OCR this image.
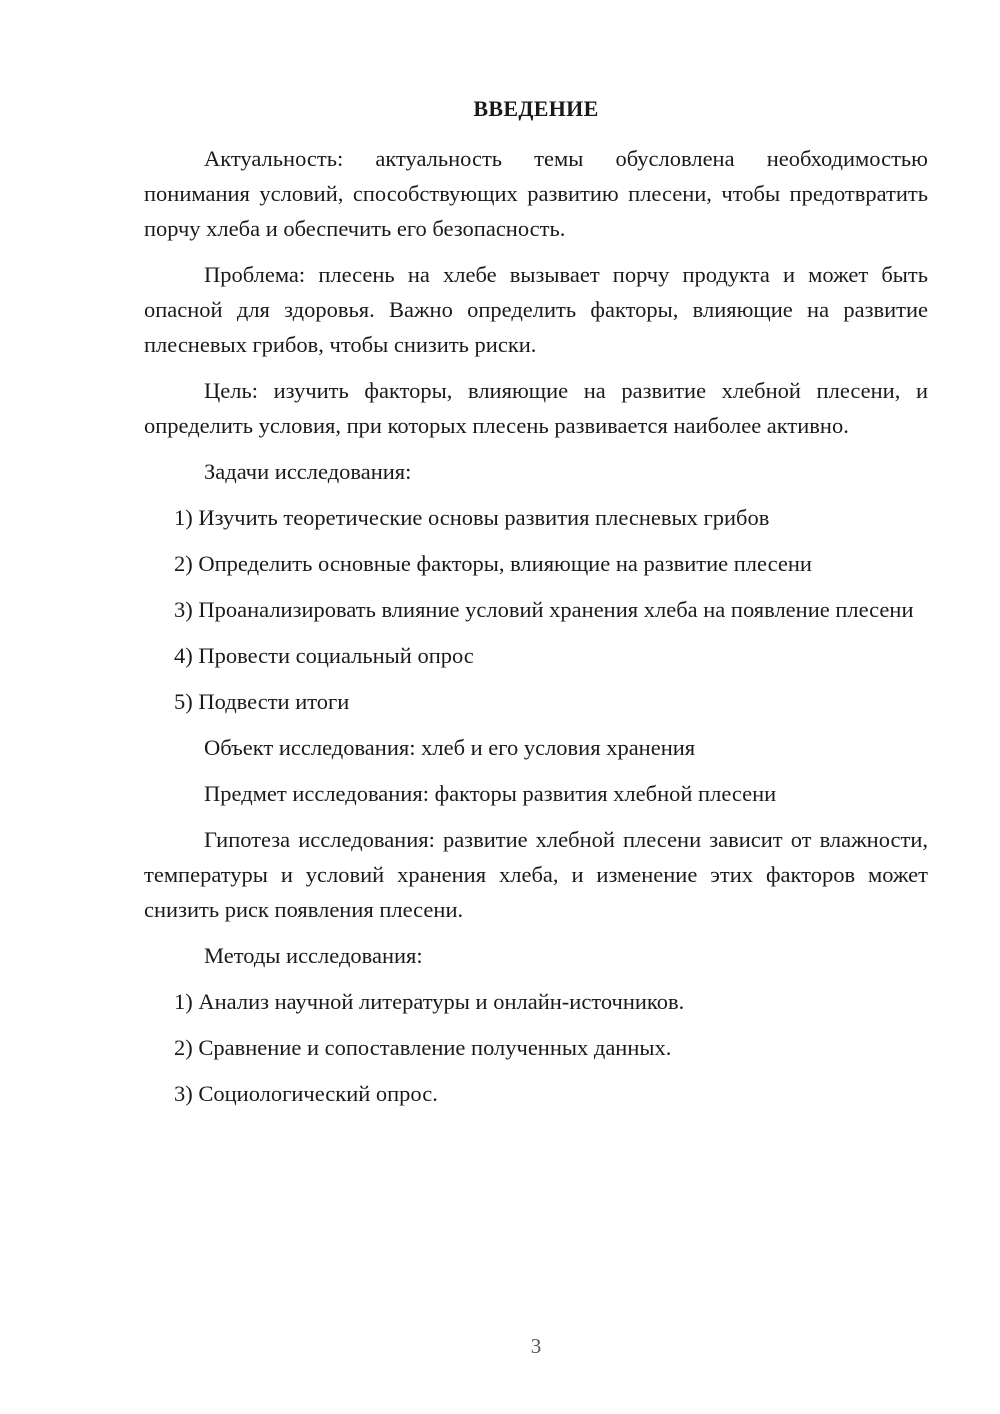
ВВЕДЕНИЕ

Актуальность: актуальность темы обусловлена необходимостью понимания условий, способствующих развитию плесени, чтобы предотвратить порчу хлеба и обеспечить его безопасность.

Проблема: плесень на хлебе вызывает порчу продукта и может быть опасной для здоровья. Важно определить факторы, влияющие на развитие плесневых грибов, чтобы снизить риски.

Цель: изучить факторы, влияющие на развитие хлебной плесени, и определить условия, при которых плесень развивается наиболее активно.

Задачи исследования:

1) Изучить теоретические основы развития плесневых грибов

2) Определить основные факторы, влияющие на развитие плесени

3) Проанализировать влияние условий хранения хлеба на появление плесени

4) Провести социальный опрос

5) Подвести итоги

Объект исследования: хлеб и его условия хранения

Предмет исследования: факторы развития хлебной плесени

Гипотеза исследования: развитие хлебной плесени зависит от влажности, температуры и условий хранения хлеба, и изменение этих факторов может снизить риск появления плесени.

Методы исследования:

1) Анализ научной литературы и онлайн-источников.

2) Сравнение и сопоставление полученных данных.

3) Социологический опрос.

3
